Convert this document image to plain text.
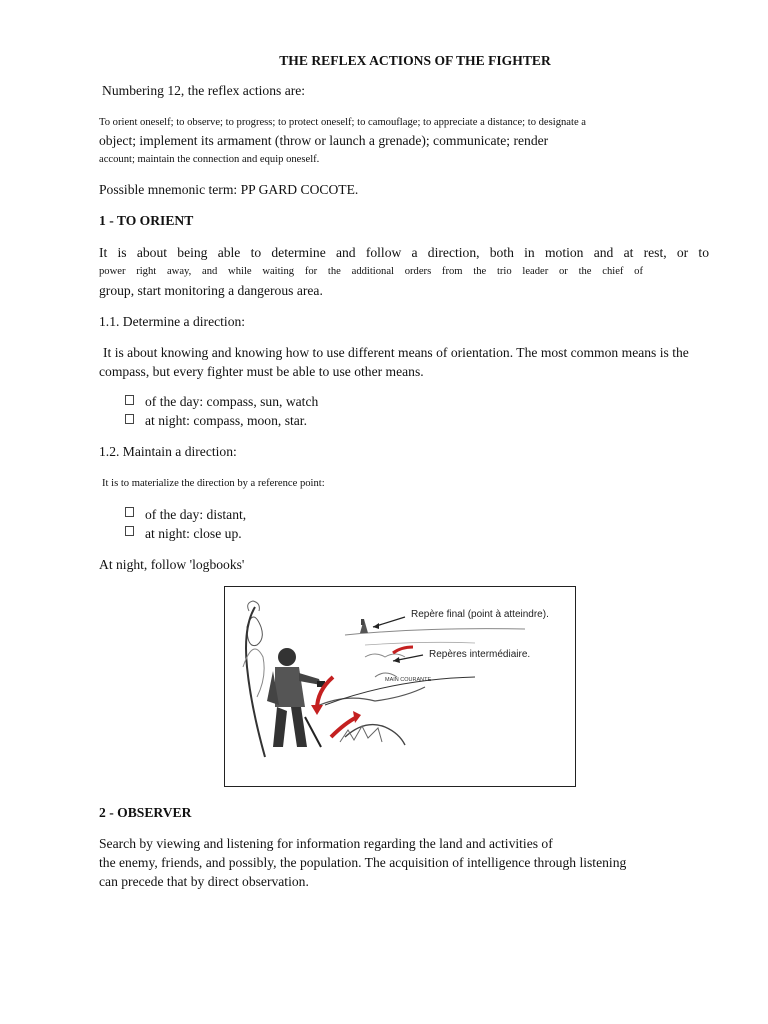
THE REFLEX ACTIONS OF THE FIGHTER
Numbering 12, the reflex actions are:
To orient oneself; to observe; to progress; to protect oneself; to camouflage; to appreciate a distance; to designate a
object; implement its armament (throw or launch a grenade); communicate; render
account; maintain the connection and equip oneself.
Possible mnemonic term: PP GARD COCOTE.
1 - TO ORIENT
It is about being able to determine and follow a direction, both in motion and at rest, or to
power right away, and while waiting for the additional orders from the trio leader or the chief of
group, start monitoring a dangerous area.
1.1. Determine a direction:
It is about knowing and knowing how to use different means of orientation. The most common means is the
compass, but every fighter must be able to use other means.
of the day: compass, sun, watch
at night: compass, moon, star.
1.2. Maintain a direction:
It is to materialize the direction by a reference point:
of the day: distant,
at night: close up.
At night, follow 'logbooks'
Repère final (point à atteindre).
Repères intermédiaire.
MAIN COURANTE
2 - OBSERVER
Search by viewing and listening for information regarding the land and activities of
the enemy, friends, and possibly, the population. The acquisition of intelligence through listening
can precede that by direct observation.
